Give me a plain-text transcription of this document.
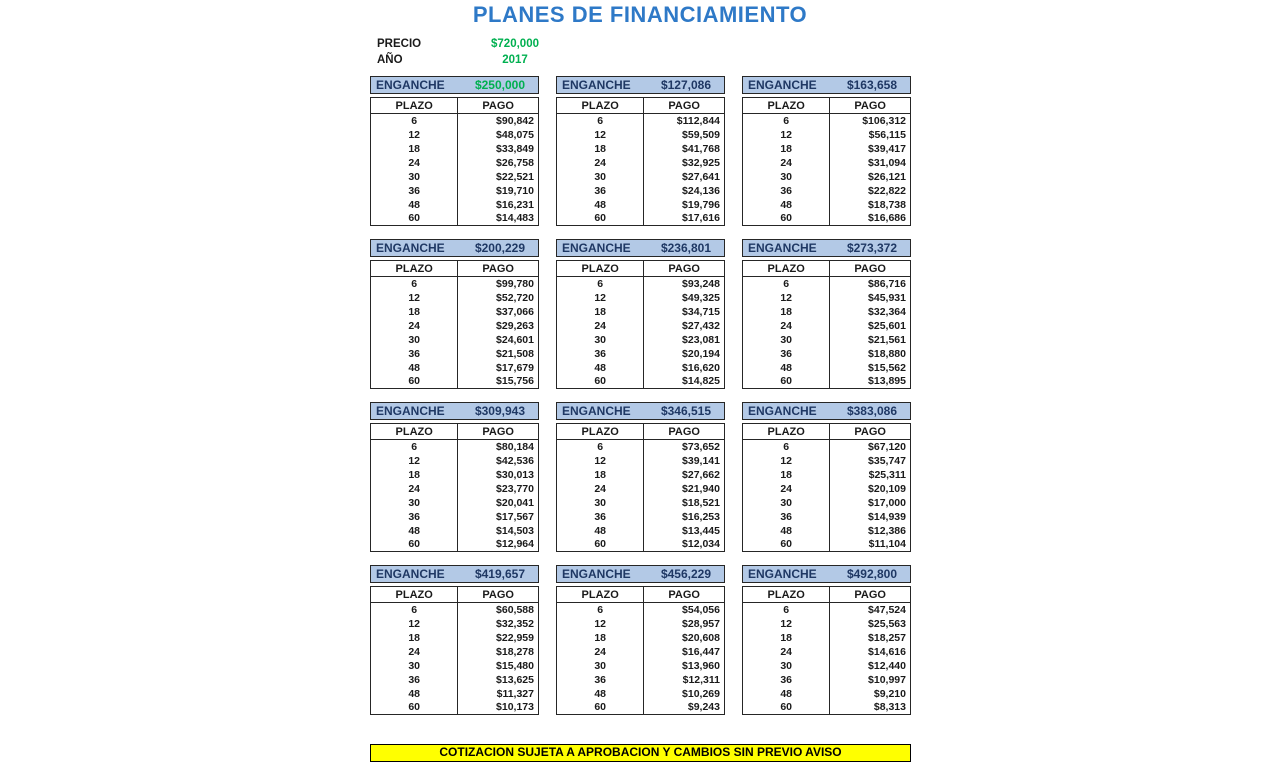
PLANES DE FINANCIAMIENTO
PRECIO	$720,000
AÑO	2017
ENGANCHE	$250,000
PLAZO	PAGO
6	$90,842
12	$48,075
18	$33,849
24	$26,758
30	$22,521
36	$19,710
48	$16,231
60	$14,483
ENGANCHE	$127,086
PLAZO	PAGO
6	$112,844
12	$59,509
18	$41,768
24	$32,925
30	$27,641
36	$24,136
48	$19,796
60	$17,616
ENGANCHE	$163,658
PLAZO	PAGO
6	$106,312
12	$56,115
18	$39,417
24	$31,094
30	$26,121
36	$22,822
48	$18,738
60	$16,686
ENGANCHE	$200,229
PLAZO	PAGO
6	$99,780
12	$52,720
18	$37,066
24	$29,263
30	$24,601
36	$21,508
48	$17,679
60	$15,756
ENGANCHE	$236,801
PLAZO	PAGO
6	$93,248
12	$49,325
18	$34,715
24	$27,432
30	$23,081
36	$20,194
48	$16,620
60	$14,825
ENGANCHE	$273,372
PLAZO	PAGO
6	$86,716
12	$45,931
18	$32,364
24	$25,601
30	$21,561
36	$18,880
48	$15,562
60	$13,895
ENGANCHE	$309,943
PLAZO	PAGO
6	$80,184
12	$42,536
18	$30,013
24	$23,770
30	$20,041
36	$17,567
48	$14,503
60	$12,964
ENGANCHE	$346,515
PLAZO	PAGO
6	$73,652
12	$39,141
18	$27,662
24	$21,940
30	$18,521
36	$16,253
48	$13,445
60	$12,034
ENGANCHE	$383,086
PLAZO	PAGO
6	$67,120
12	$35,747
18	$25,311
24	$20,109
30	$17,000
36	$14,939
48	$12,386
60	$11,104
ENGANCHE	$419,657
PLAZO	PAGO
6	$60,588
12	$32,352
18	$22,959
24	$18,278
30	$15,480
36	$13,625
48	$11,327
60	$10,173
ENGANCHE	$456,229
PLAZO	PAGO
6	$54,056
12	$28,957
18	$20,608
24	$16,447
30	$13,960
36	$12,311
48	$10,269
60	$9,243
ENGANCHE	$492,800
PLAZO	PAGO
6	$47,524
12	$25,563
18	$18,257
24	$14,616
30	$12,440
36	$10,997
48	$9,210
60	$8,313
COTIZACION SUJETA A APROBACION Y CAMBIOS SIN PREVIO AVISO
